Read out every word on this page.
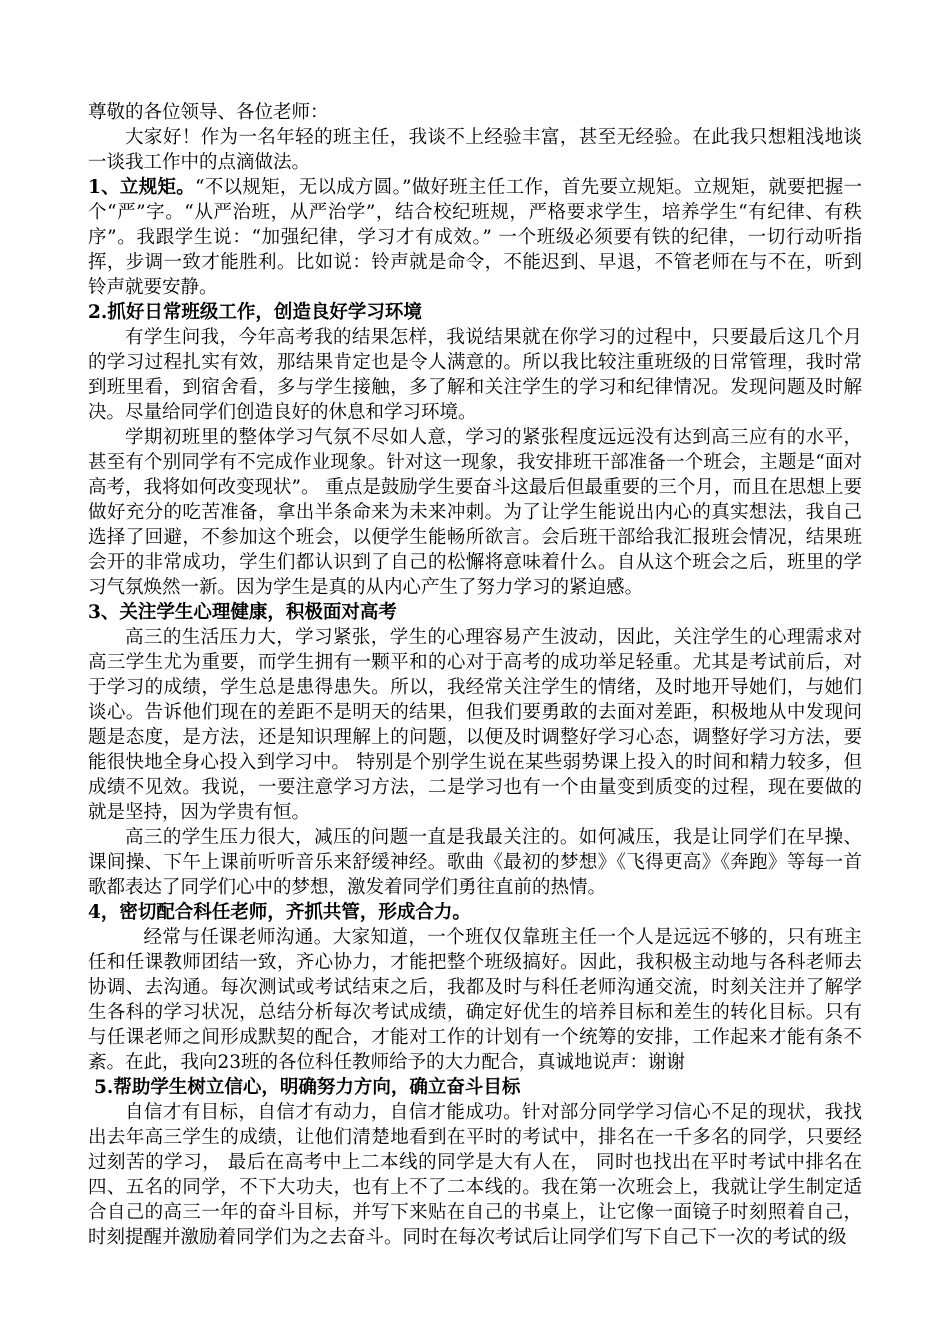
尊敬的各位领导、各位老师：

大家好！作为一名年轻的班主任，我谈不上经验丰富，甚至无经验。在此我只想粗浅地谈一谈我工作中的点滴做法。

1、立规矩。“不以规矩，无以成方圆。”做好班主任工作，首先要立规矩。立规矩，就要把握一个“严”字。“从严治班，从严治学”，结合校纪班规，严格要求学生，培养学生“有纪律、有秩序”。我跟学生说：“加强纪律，学习才有成效。” 一个班级必须要有铁的纪律，一切行动听指挥，步调一致才能胜利。比如说：铃声就是命令，不能迟到、早退，不管老师在与不在，听到铃声就要安静。

2.抓好日常班级工作，创造良好学习环境

有学生问我，今年高考我的结果怎样，我说结果就在你学习的过程中，只要最后这几个月的学习过程扎实有效，那结果肯定也是令人满意的。所以我比较注重班级的日常管理，我时常到班里看，到宿舍看，多与学生接触，多了解和关注学生的学习和纪律情况。发现问题及时解决。尽量给同学们创造良好的休息和学习环境。

学期初班里的整体学习气氛不尽如人意，学习的紧张程度远远没有达到高三应有的水平，甚至有个别同学有不完成作业现象。针对这一现象，我安排班干部准备一个班会，主题是“面对高考，我将如何改变现状”。 重点是鼓励学生要奋斗这最后但最重要的三个月，而且在思想上要做好充分的吃苦准备，拿出半条命来为未来冲刺。为了让学生能说出内心的真实想法，我自己选择了回避，不参加这个班会，以便学生能畅所欲言。会后班干部给我汇报班会情况，结果班会开的非常成功，学生们都认识到了自己的松懈将意味着什么。自从这个班会之后，班里的学习气氛焕然一新。因为学生是真的从内心产生了努力学习的紧迫感。

3、关注学生心理健康，积极面对高考

高三的生活压力大，学习紧张，学生的心理容易产生波动，因此，关注学生的心理需求对高三学生尤为重要，而学生拥有一颗平和的心对于高考的成功举足轻重。尤其是考试前后，对于学习的成绩，学生总是患得患失。所以，我经常关注学生的情绪，及时地开导她们，与她们谈心。告诉他们现在的差距不是明天的结果，但我们要勇敢的去面对差距，积极地从中发现问题是态度，是方法，还是知识理解上的问题，以便及时调整好学习心态，调整好学习方法，要能很快地全身心投入到学习中。 特别是个别学生说在某些弱势课上投入的时间和精力较多，但成绩不见效。我说，一要注意学习方法，二是学习也有一个由量变到质变的过程，现在要做的就是坚持，因为学贵有恒。

高三的学生压力很大，减压的问题一直是我最关注的。如何减压，我是让同学们在早操、课间操、下午上课前听听音乐来舒缓神经。歌曲《最初的梦想》《飞得更高》《奔跑》等每一首歌都表达了同学们心中的梦想，激发着同学们勇往直前的热情。

4，密切配合科任老师，齐抓共管，形成合力。

经常与任课老师沟通。大家知道，一个班仅仅靠班主任一个人是远远不够的，只有班主任和任课教师团结一致，齐心协力，才能把整个班级搞好。因此，我积极主动地与各科老师去协调、去沟通。每次测试或考试结束之后，我都及时与科任老师沟通交流，时刻关注并了解学生各科的学习状况，总结分析每次考试成绩，确定好优生的培养目标和差生的转化目标。只有与任课老师之间形成默契的配合，才能对工作的计划有一个统筹的安排，工作起来才能有条不紊。在此，我向23班的各位科任教师给予的大力配合，真诚地说声：谢谢

5.帮助学生树立信心，明确努力方向，确立奋斗目标

自信才有目标，自信才有动力，自信才能成功。针对部分同学学习信心不足的现状，我找出去年高三学生的成绩，让他们清楚地看到在平时的考试中，排名在一千多名的同学，只要经过刻苦的学习， 最后在高考中上二本线的同学是大有人在， 同时也找出在平时考试中排名在四、五名的同学，不下大功夫，也有上不了二本线的。我在第一次班会上，我就让学生制定适合自己的高三一年的奋斗目标，并写下来贴在自己的书桌上，让它像一面镜子时刻照着自己，时刻提醒并激励着同学们为之去奋斗。同时在每次考试后让同学们写下自己下一次的考试的级
